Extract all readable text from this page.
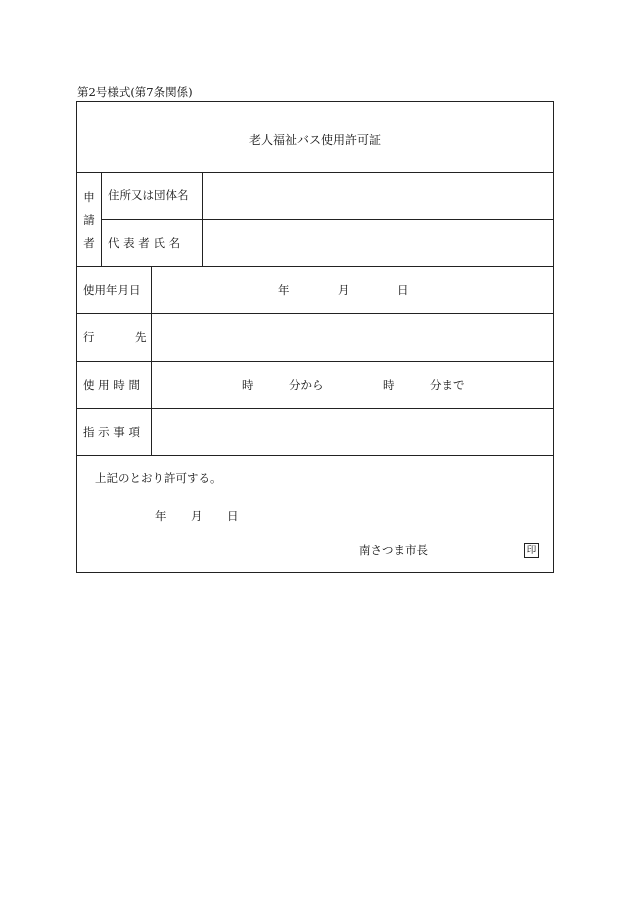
第2号様式(第7条関係)
老人福祉バス使用許可証
申
請
者
住所又は団体名
代 表 者 氏 名
使用年月日	年	月	日
行	先
使 用 時 間	時	分から	時	分まで
指 示 事 項
上記のとおり許可する。
年 月 日
南さつま市長	印
